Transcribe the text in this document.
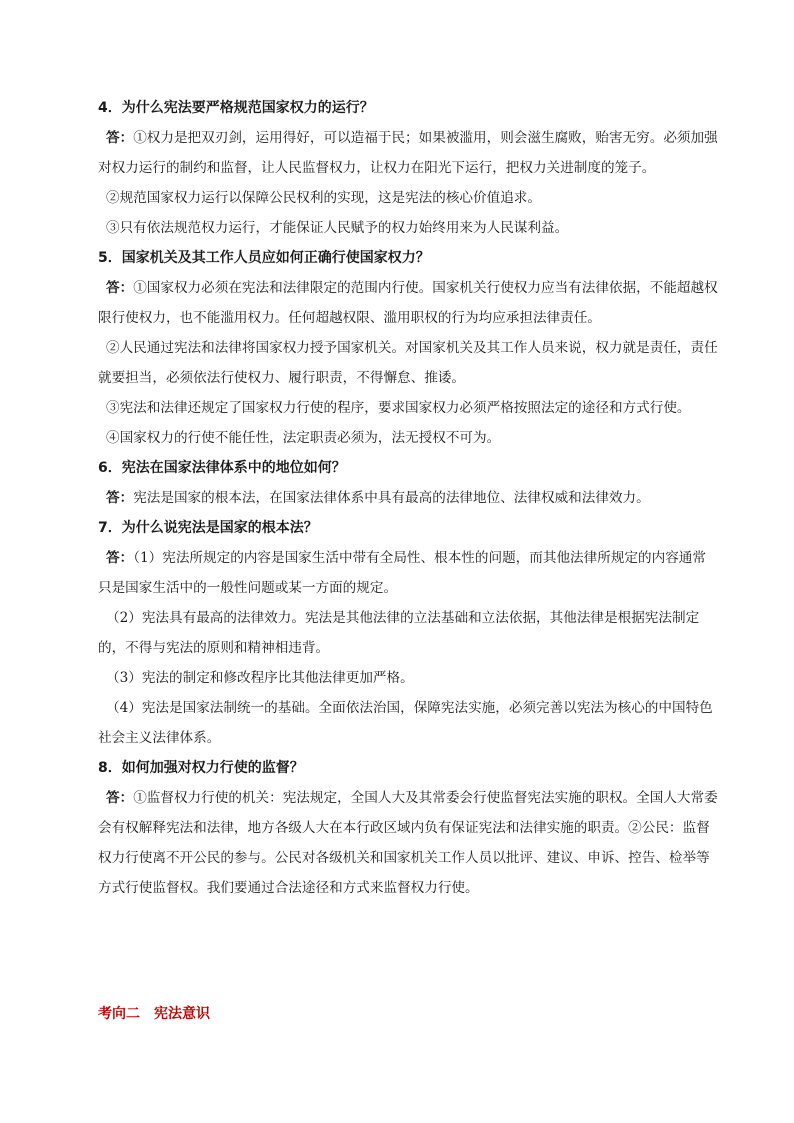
4．为什么宪法要严格规范国家权力的运行？

答：①权力是把双刃剑，运用得好，可以造福于民；如果被滥用，则会滋生腐败，贻害无穷。必须加强对权力运行的制约和监督，让人民监督权力，让权力在阳光下运行，把权力关进制度的笼子。

②规范国家权力运行以保障公民权利的实现，这是宪法的核心价值追求。

③只有依法规范权力运行，才能保证人民赋予的权力始终用来为人民谋利益。

5．国家机关及其工作人员应如何正确行使国家权力？

答：①国家权力必须在宪法和法律限定的范围内行使。国家机关行使权力应当有法律依据，不能超越权限行使权力，也不能滥用权力。任何超越权限、滥用职权的行为均应承担法律责任。

②人民通过宪法和法律将国家权力授予国家机关。对国家机关及其工作人员来说，权力就是责任，责任就要担当，必须依法行使权力、履行职责，不得懈怠、推诿。

③宪法和法律还规定了国家权力行使的程序，要求国家权力必须严格按照法定的途径和方式行使。

④国家权力的行使不能任性，法定职责必须为，法无授权不可为。

6．宪法在国家法律体系中的地位如何？

答：宪法是国家的根本法，在国家法律体系中具有最高的法律地位、法律权威和法律效力。

7．为什么说宪法是国家的根本法？

答：（1）宪法所规定的内容是国家生活中带有全局性、根本性的问题，而其他法律所规定的内容通常只是国家生活中的一般性问题或某一方面的规定。

（2）宪法具有最高的法律效力。宪法是其他法律的立法基础和立法依据，其他法律是根据宪法制定的，不得与宪法的原则和精神相违背。

（3）宪法的制定和修改程序比其他法律更加严格。

（4）宪法是国家法制统一的基础。全面依法治国，保障宪法实施，必须完善以宪法为核心的中国特色社会主义法律体系。

8．如何加强对权力行使的监督？

答：①监督权力行使的机关：宪法规定，全国人大及其常委会行使监督宪法实施的职权。全国人大常委会有权解释宪法和法律，地方各级人大在本行政区域内负有保证宪法和法律实施的职责。②公民：监督权力行使离不开公民的参与。公民对各级机关和国家机关工作人员以批评、建议、申诉、控告、检举等方式行使监督权。我们要通过合法途径和方式来监督权力行使。

考向二　宪法意识
